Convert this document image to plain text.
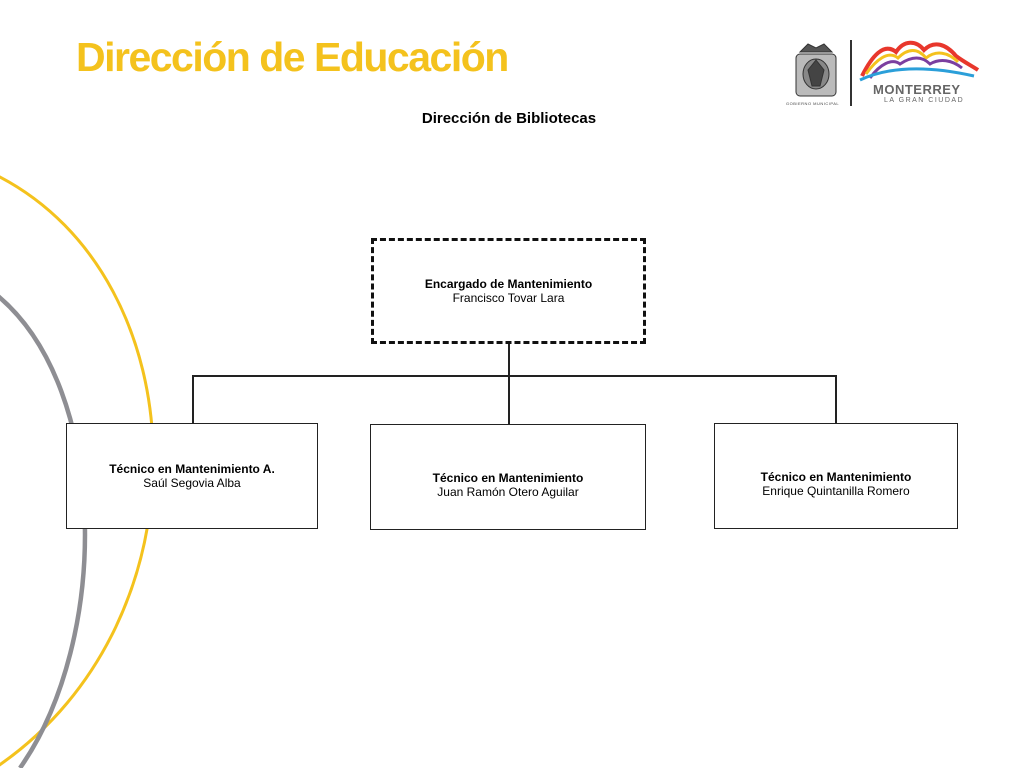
Dirección de Educación
Dirección de Bibliotecas
GOBIERNO MUNICIPAL
MONTERREY
LA GRAN CIUDAD
Encargado de Mantenimiento
Francisco Tovar Lara
Técnico en Mantenimiento A.
Saúl Segovia Alba	Técnico en Mantenimiento
Juan Ramón Otero Aguilar
Técnico en Mantenimiento
Enrique Quintanilla Romero
